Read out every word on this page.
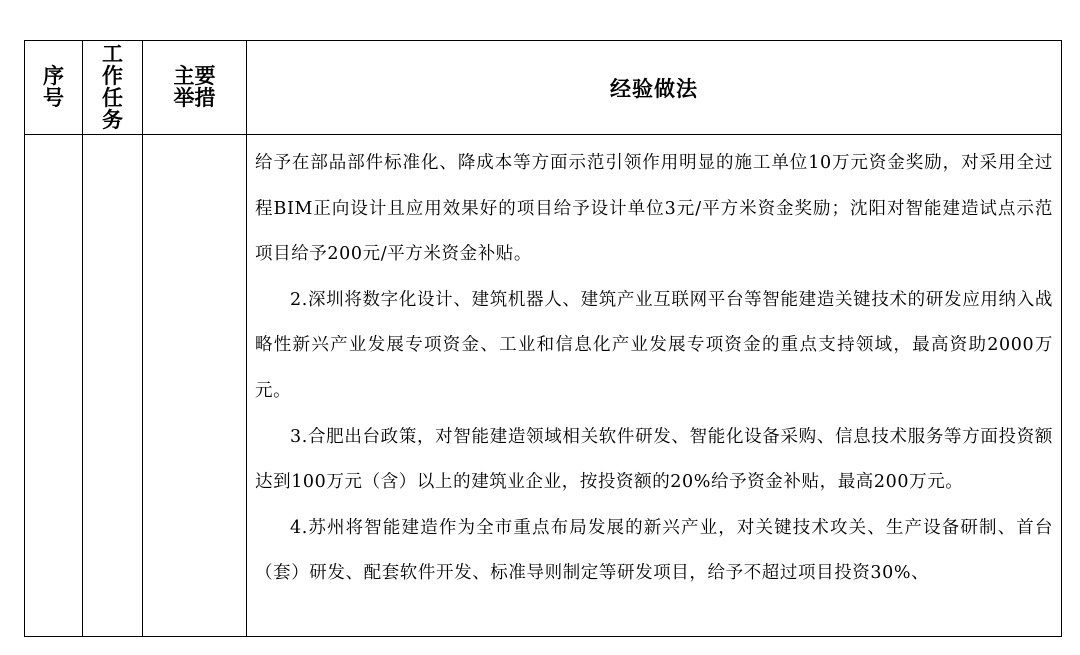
序号	工作任务	主要举措	经验做法

			给予在部品部件标准化、降成本等方面示范引领作用明显的施工单位10万元资金奖励，对采用全过程BIM正向设计且应用效果好的项目给予设计单位3元/平方米资金奖励；沈阳对智能建造试点示范项目给予200元/平方米资金补贴。

2.深圳将数字化设计、建筑机器人、建筑产业互联网平台等智能建造关键技术的研发应用纳入战略性新兴产业发展专项资金、工业和信息化产业发展专项资金的重点支持领域，最高资助2000万元。

3.合肥出台政策，对智能建造领域相关软件研发、智能化设备采购、信息技术服务等方面投资额达到100万元（含）以上的建筑业企业，按投资额的20%给予资金补贴，最高200万元。

4.苏州将智能建造作为全市重点布局发展的新兴产业，对关键技术攻关、生产设备研制、首台（套）研发、配套软件开发、标准导则制定等研发项目，给予不超过项目投资30%、
